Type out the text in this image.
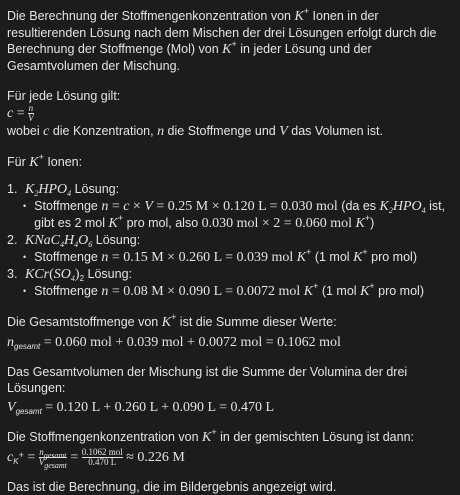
Die Berechnung der Stoffmengenkonzentration von K+ Ionen in der resultierenden Lösung nach dem Mischen der drei Lösungen erfolgt durch die Berechnung der Stoffmenge (Mol) von K+ in jeder Lösung und der Gesamtvolumen der Mischung.

Für jede Lösung gilt:

$c = \frac{n}{V}$

wobei c die Konzentration, n die Stoffmenge und V das Volumen ist.

Für K+ Ionen:

1. $K_2HPO_4$ Lösung:
• Stoffmenge n = c × V = 0.25 M × 0.120 L = 0.030 mol (da es $K_2HPO_4$ ist, gibt es 2 mol K+ pro mol, also 0.030 mol × 2 = 0.060 mol K+)
2. $KNaC_4H_4O_6$ Lösung:
• Stoffmenge n = 0.15 M × 0.260 L = 0.039 mol K+ (1 mol K+ pro mol)
3. $KCr(SO_4)_2$ Lösung:
• Stoffmenge n = 0.08 M × 0.090 L = 0.0072 mol K+ (1 mol K+ pro mol)

Die Gesamtstoffmenge von K+ ist die Summe dieser Werte:

$n_{gesamt} = 0.060$ mol + 0.039 mol + 0.0072 mol = 0.1062 mol

Das Gesamtvolumen der Mischung ist die Summe der Volumina der drei Lösungen:

$V_{gesamt} = 0.120$ L + 0.260 L + 0.090 L = 0.470 L

Die Stoffmengenkonzentration von K+ in der gemischten Lösung ist dann:

$c_{K^+} = \frac{n_{gesamt}}{V_{gesamt}} = \frac{\text{0.1062 mol}}{0.470 L} \approx 0.226$ M

Das ist die Berechnung, die im Bildergebnis angezeigt wird.
